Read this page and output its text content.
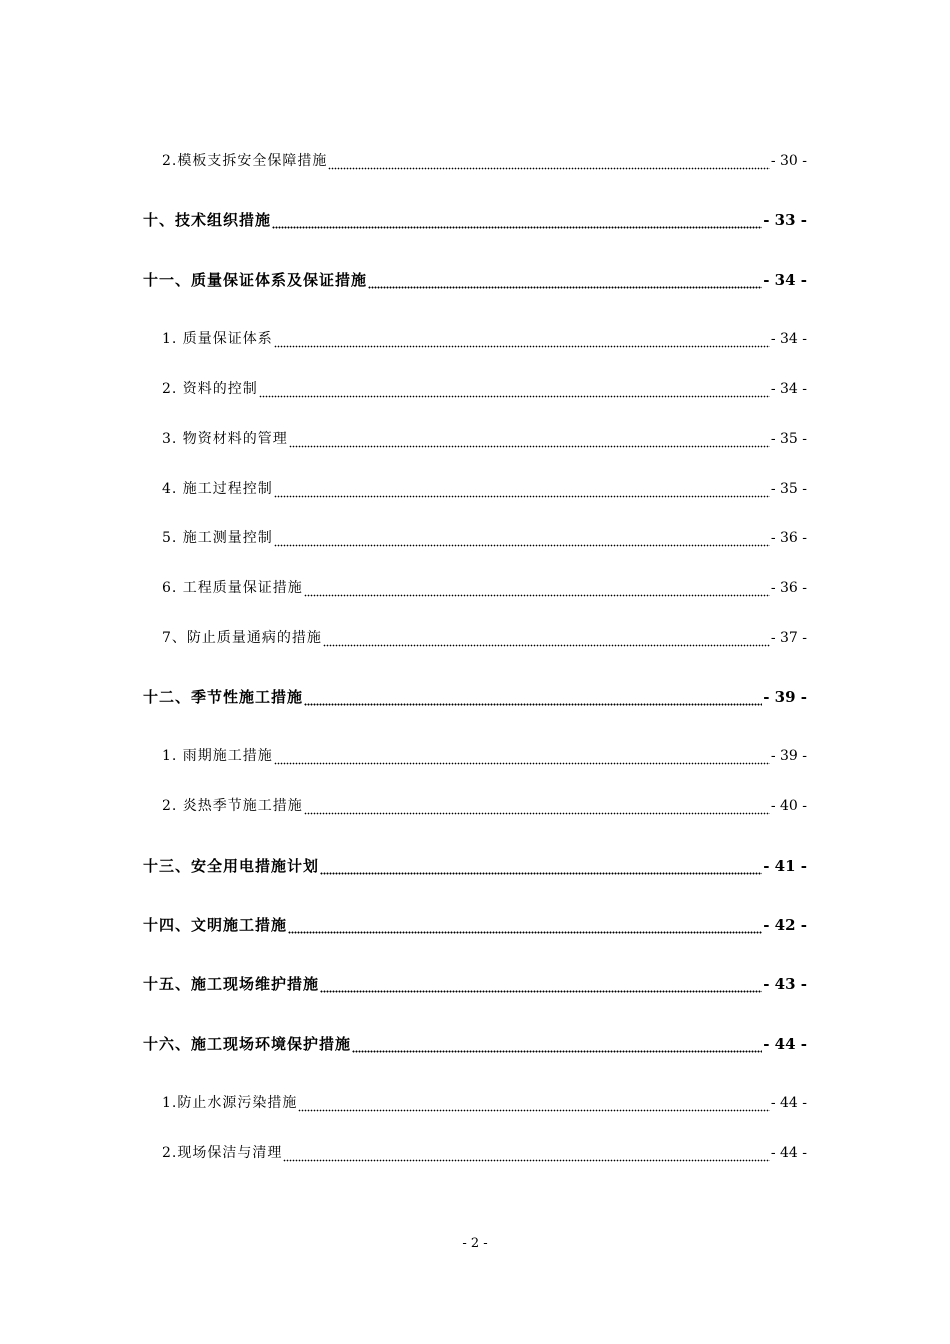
2.模板支拆安全保障措施	- 30 -
十、技术组织措施	- 33 -
十一、质量保证体系及保证措施	- 34 -
1. 质量保证体系	- 34 -
2. 资料的控制	- 34 -
3. 物资材料的管理	- 35 -
4. 施工过程控制	- 35 -
5. 施工测量控制	- 36 -
6. 工程质量保证措施	- 36 -
7、防止质量通病的措施	- 37 -
十二、季节性施工措施	- 39 -
1. 雨期施工措施	- 39 -
2. 炎热季节施工措施	- 40 -
十三、安全用电措施计划	- 41 -
十四、文明施工措施	- 42 -
十五、施工现场维护措施	- 43 -
十六、施工现场环境保护措施	- 44 -
1.防止水源污染措施	- 44 -
2.现场保洁与清理	- 44 -
- 2 -
